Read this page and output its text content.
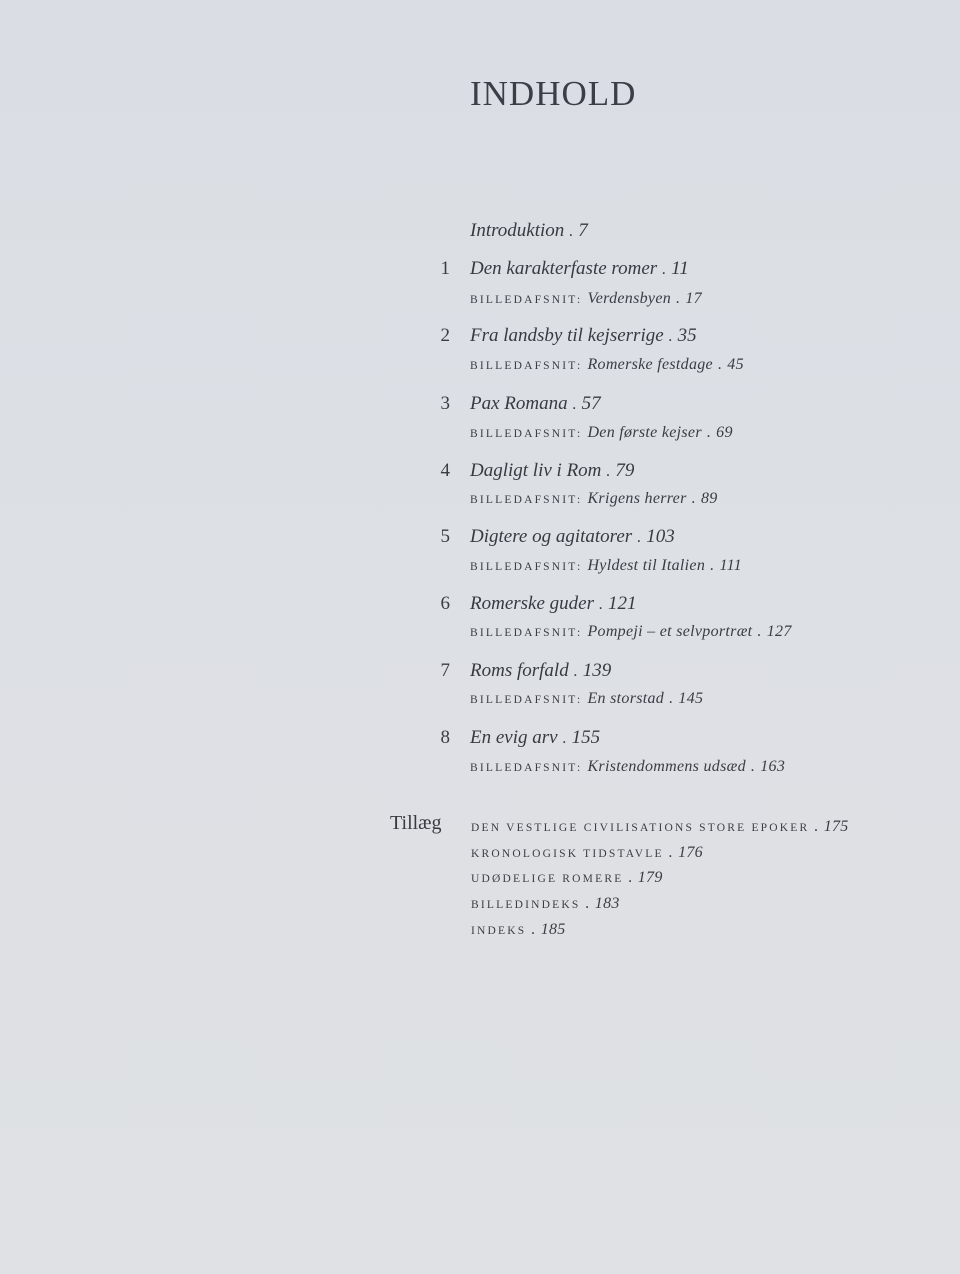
INDHOLD
Introduktion . 7
1 Den karakterfaste romer . 11
BILLEDAFSNIT: Verdensbyen . 17
2 Fra landsby til kejserrige . 35
BILLEDAFSNIT: Romerske festdage . 45
3 Pax Romana . 57
BILLEDAFSNIT: Den første kejser . 69
4 Dagligt liv i Rom . 79
BILLEDAFSNIT: Krigens herrer . 89
5 Digtere og agitatorer . 103
BILLEDAFSNIT: Hyldest til Italien . 111
6 Romerske guder . 121
BILLEDAFSNIT: Pompeji – et selvportræt . 127
7 Roms forfald . 139
BILLEDAFSNIT: En storstad . 145
8 En evig arv . 155
BILLEDAFSNIT: Kristendommens udsæd . 163
Tillæg	DEN VESTLIGE CIVILISATIONS STORE EPOKER . 175
KRONOLOGISK TIDSTAVLE . 176
UDØDELIGE ROMERE . 179
BILLEDINDEKS . 183
INDEKS . 185
